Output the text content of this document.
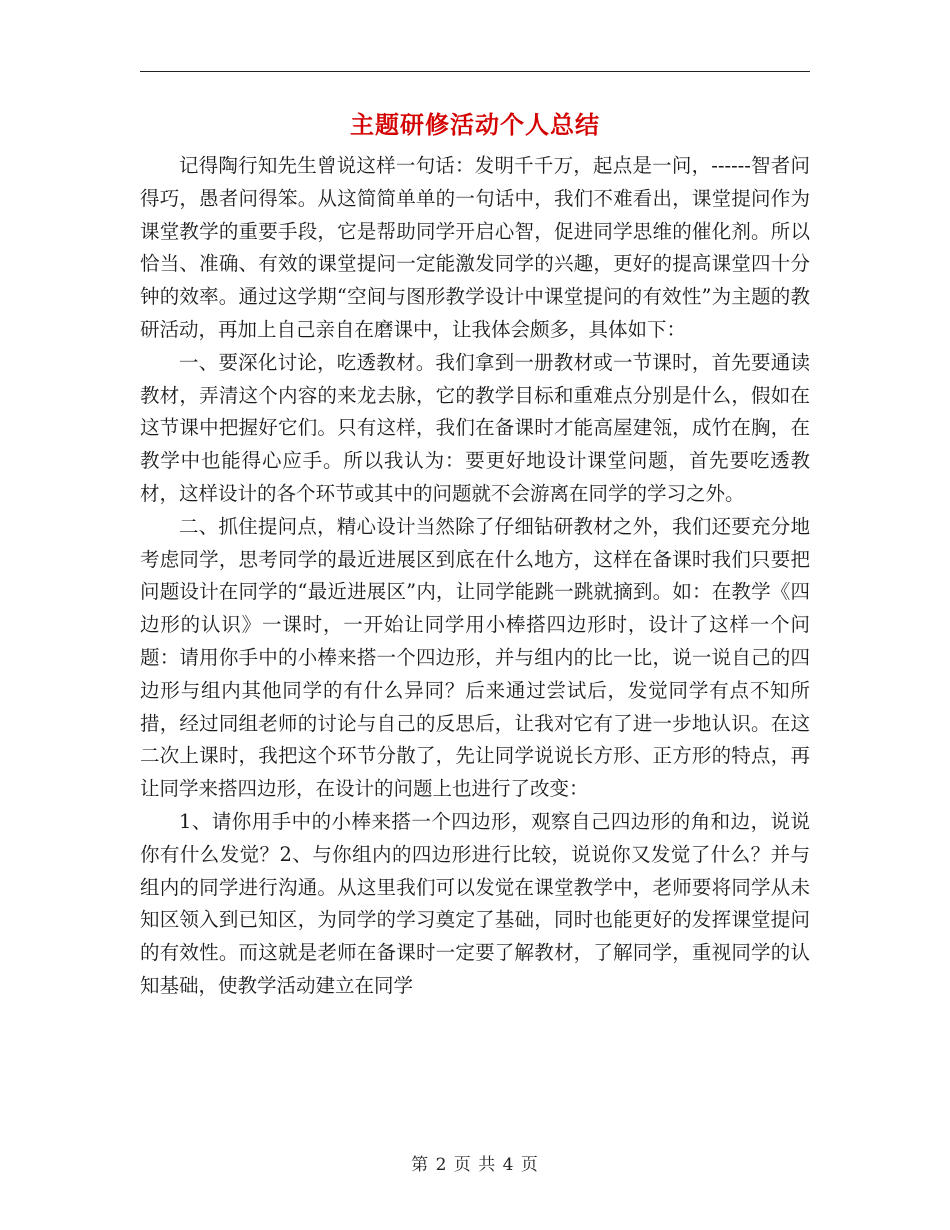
主题研修活动个人总结

记得陶行知先生曾说这样一句话：发明千千万，起点是一问，------智者问得巧，愚者问得笨。从这简简单单的一句话中，我们不难看出，课堂提问作为课堂教学的重要手段，它是帮助同学开启心智，促进同学思维的催化剂。所以恰当、准确、有效的课堂提问一定能激发同学的兴趣，更好的提高课堂四十分钟的效率。通过这学期“空间与图形教学设计中课堂提问的有效性”为主题的教研活动，再加上自己亲自在磨课中，让我体会颇多，具体如下：

一、要深化讨论，吃透教材。我们拿到一册教材或一节课时，首先要通读教材，弄清这个内容的来龙去脉，它的教学目标和重难点分别是什么，假如在这节课中把握好它们。只有这样，我们在备课时才能高屋建瓴，成竹在胸，在教学中也能得心应手。所以我认为：要更好地设计课堂问题，首先要吃透教材，这样设计的各个环节或其中的问题就不会游离在同学的学习之外。

二、抓住提问点，精心设计当然除了仔细钻研教材之外，我们还要充分地考虑同学，思考同学的最近进展区到底在什么地方，这样在备课时我们只要把问题设计在同学的“最近进展区”内，让同学能跳一跳就摘到。如：在教学《四边形的认识》一课时，一开始让同学用小棒搭四边形时，设计了这样一个问题：请用你手中的小棒来搭一个四边形，并与组内的比一比，说一说自己的四边形与组内其他同学的有什么异同？后来通过尝试后，发觉同学有点不知所措，经过同组老师的讨论与自己的反思后，让我对它有了进一步地认识。在这二次上课时，我把这个环节分散了，先让同学说说长方形、正方形的特点，再让同学来搭四边形，在设计的问题上也进行了改变：

1、请你用手中的小棒来搭一个四边形，观察自己四边形的角和边，说说你有什么发觉？2、与你组内的四边形进行比较，说说你又发觉了什么？并与组内的同学进行沟通。从这里我们可以发觉在课堂教学中，老师要将同学从未知区领入到已知区，为同学的学习奠定了基础，同时也能更好的发挥课堂提问的有效性。而这就是老师在备课时一定要了解教材，了解同学，重视同学的认知基础，使教学活动建立在同学

第 2 页 共 4 页
